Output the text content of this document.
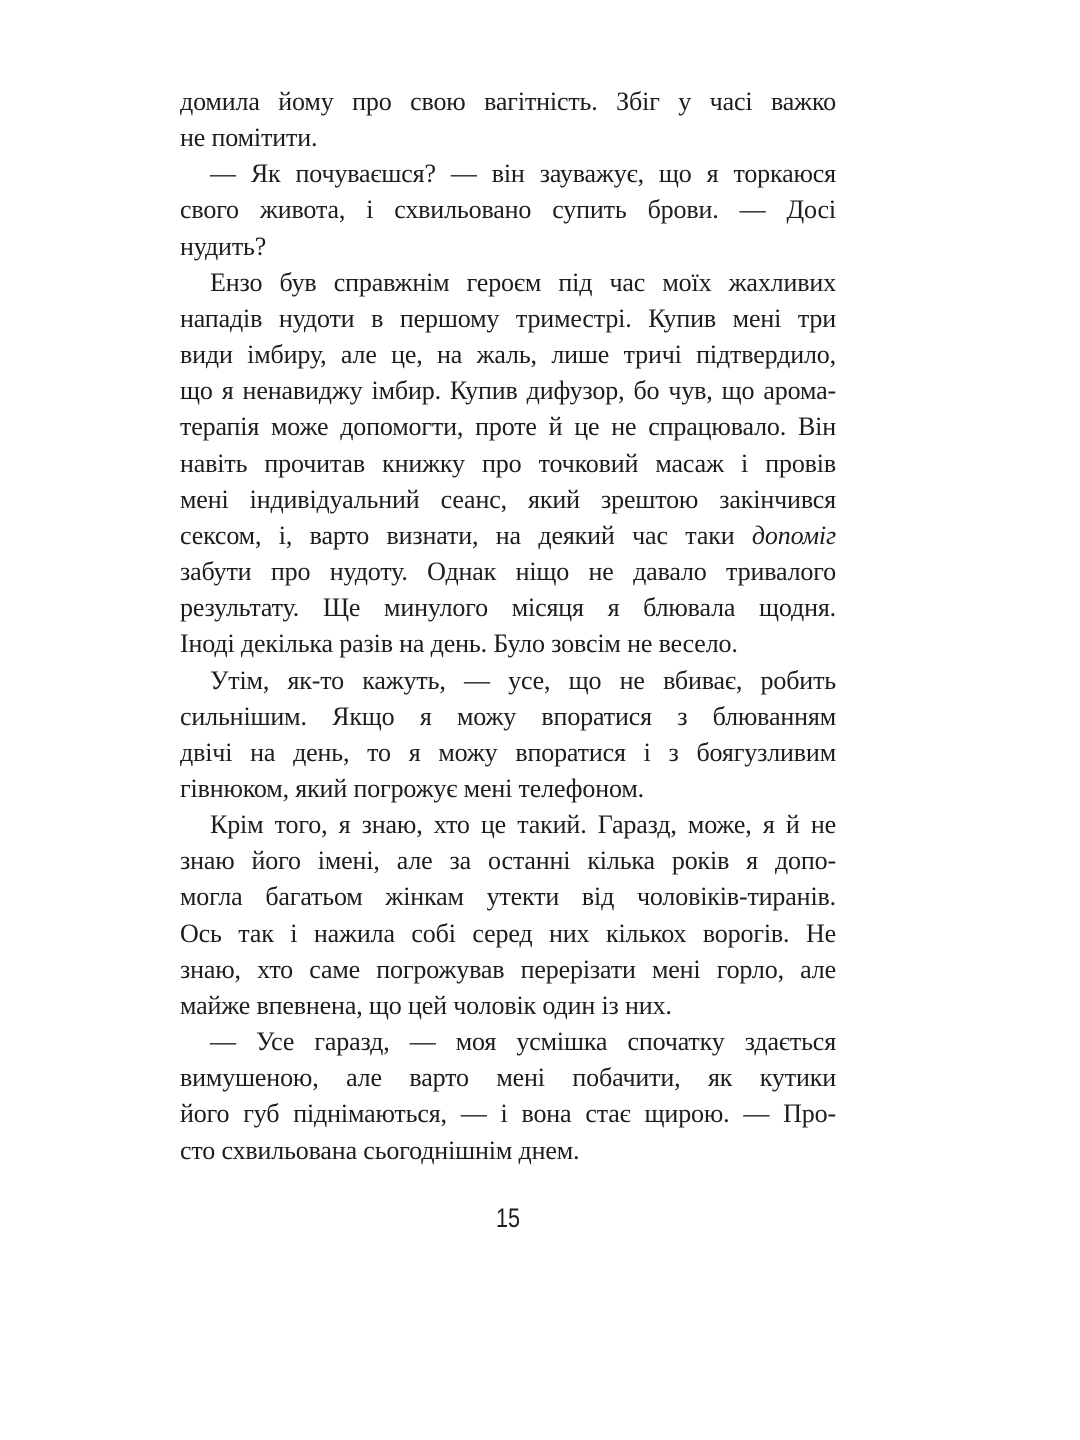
домила йому про свою вагітність. Збіг у часі важко
не помітити.

— Як почуваєшся? — він зауважує, що я торкаюся
свого живота, і схвильовано супить брови. — Досі
нудить?

Ензо був справжнім героєм під час моїх жахливих
нападів нудоти в першому триместрі. Купив мені три
види імбиру, але це, на жаль, лише тричі підтвердило,
що я ненавиджу імбир. Купив дифузор, бо чув, що арома-
терапія може допомогти, проте й це не спрацювало. Він
навіть прочитав книжку про точковий масаж і провів
мені індивідуальний сеанс, який зрештою закінчився
сексом, і, варто визнати, на деякий час таки допоміг
забути про нудоту. Однак ніщо не давало тривалого
результату. Ще минулого місяця я блювала щодня.
Іноді декілька разів на день. Було зовсім не весело.

Утім, як-то кажуть, — усе, що не вбиває, робить
сильнішим. Якщо я можу впоратися з блюванням
двічі на день, то я можу впоратися і з боягузливим
гівнюком, який погрожує мені телефоном.

Крім того, я знаю, хто це такий. Гаразд, може, я й не
знаю його імені, але за останні кілька років я допо-
могла багатьом жінкам утекти від чоловіків-тиранів.
Ось так і нажила собі серед них кількох ворогів. Не
знаю, хто саме погрожував перерізати мені горло, але
майже впевнена, що цей чоловік один із них.

— Усе гаразд, — моя усмішка спочатку здається
вимушеною, але варто мені побачити, як кутики
його губ піднімаються, — і вона стає щирою. — Про-
сто схвильована сьогоднішнім днем.

15
